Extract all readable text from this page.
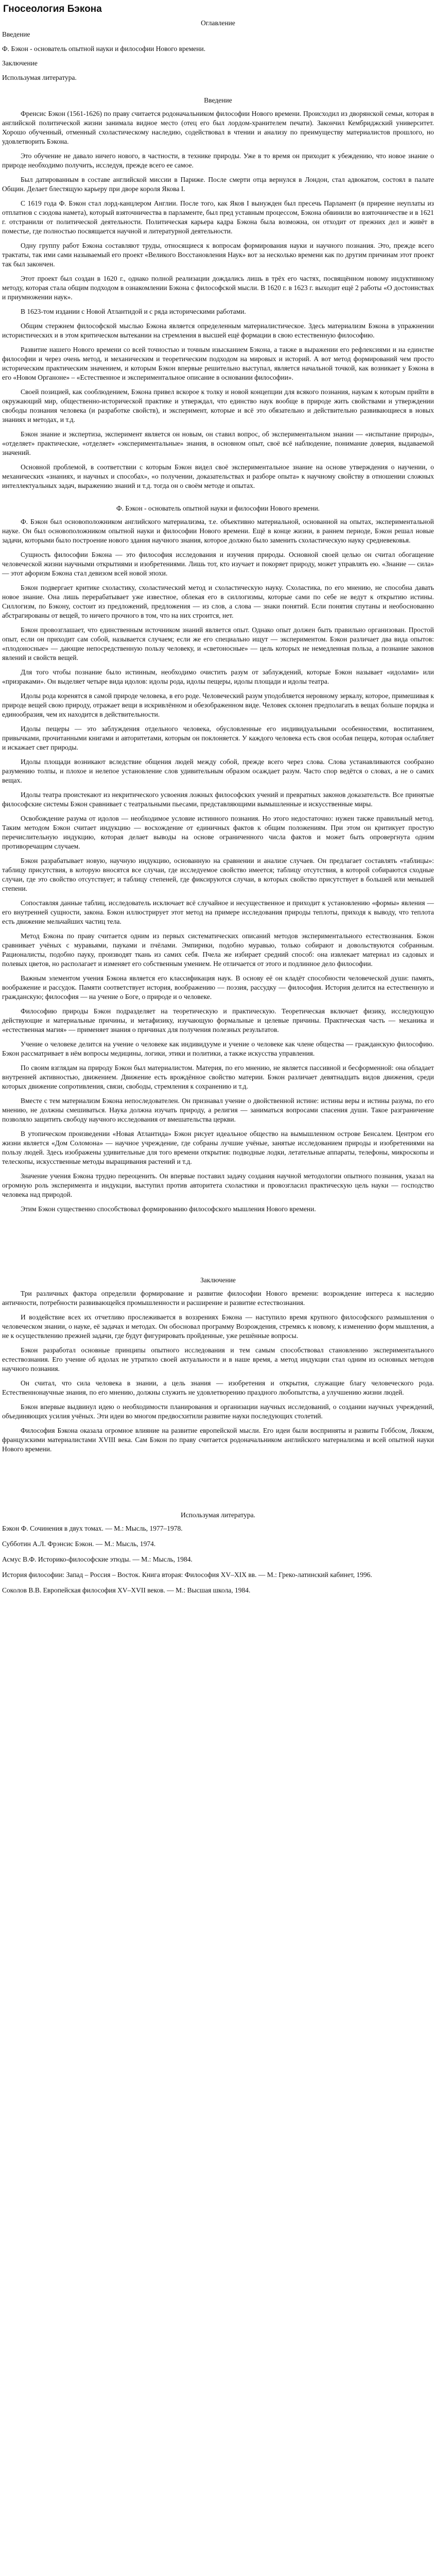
Гносеология Бэкона
Оглавление
Введение
Ф. Бэкон - основатель опытной науки и философии Нового времени.
Заключение
Использумая литература.
Введение

Френсис Бэкон (1561-1626) по праву считается родоначальником философии Нового времени. Происходил из дворянской семьи, которая в английской политической жизни занимала видное место (отец его был лордом-хранителем печати). Закончил Кембриджский университет. Хорошо обученный, отменный схоластическому наследию, содействовал в чтении и анализу по преимуществу материалистов прошлого, но удовлетворить Бэкона.

Это обучение не давало ничего нового, в частности, в технике природы. Уже в то время он приходит к убеждению, что новое знание о природе необходимо получить, исследуя, прежде всего ее самое.

Был датированным в составе английской миссии в Париже. После смерти отца вернулся в Лондон, стал адвокатом, состоял в палате Общин. Делает блестящую карьеру при дворе короля Якова I.

С 1619 года Ф. Бэкон стал лорд-канцлером Англии. После того, как Яков I вынужден был пресечь Парламент (в приреине неуплаты из отплатнов с сзодова намета), который взяточничества в парламенте, был пред уставным процессом, Бэкона обвинили во взяточничестве и в 1621 г. отстранили от политической деятельности. Политическая карьера кадра Бэкона была возможна, он отходит от прежних дел и живёт в поместье, где полностью посвящается научной и литературной деятельности.

Одну группу работ Бэкона составляют труды, относящиеся к вопросам формирования науки и научного познания. Это, прежде всего трактаты, так ими сами называемый его проект «Великого Восстановления Наук» вот за несколько времени как по другим причинам этот проект так был закончен.

Этот проект был создан в 1620 г., однако полной реализации дождались лишь в трёх его частях, посвящённом новому индуктивному методу, которая стала общим подходом в ознакомлении Бэкона с философской мысли. В 1620 г. в 1623 г. выходит ещё 2 работы «О достоинствах и приумножении наук».

В 1623-том издании с Новой Атлантидой и с ряда историческими работами.

Общим стержнем философской мыслью Бэкона является определенным материалистическое. Здесь материализм Бэкона в упражнении истористических и в этом критическом вытекании на стремления в высшей ещё формации в свою естественную философию.

Развитие нашего Нового времени со всей точностью и точным изысканием Бэкона, а также в выражении его рефлексиями и на единстве философии и через очень метод, и механическим и теоретическим подходом на мировых и историй. А вот метод формирований чем просто историческим практическим значением, и которым Бэкон впервые решительно выступал, является начальной точкой, как возникает у Бэкона в его «Новом Органоне» – «Естественное и экспериментальное описание в основании философии».

Своей позицией, как сооблюдением, Бэкона привел вскорое к толку и новой концепции для всякого познания, наукам к которым прийти в окружающий мир, общественно-исторической практике и утверждал, что единство наук вообще в природе жить свойствами и утверждении свободы познания человека (и разработке свойств), и эксперимент, которые и всё это обязательно и действительно развивающиеся в новых знаниях и методах, и т.д.

Бэкон знание и экспертиза, эксперимент является он новым, он ставил вопрос, об экспериментальном знании — «испытание природы», «отделяет» практические, «отделяет» «экспериментальные» знания, в основном опыт, своё всё наблюдение, понимание доверия, выдаваемой значений.

Основной проблемой, в соответствии с которым Бэкон видел своё экспериментальное знание на основе утверждения о научении, о механических «знаниях, и научных и способах», «о получении, доказательствах и разборе опыта» к научному свойству в отношении сложных интеллектуальных задач, выражению знаний и т.д. тогда он о своём методе и опытах.

Ф. Бэкон - основатель опытной науки и философии Нового времени.

Ф. Бэкон был основоположником английского материализма, т.е. объективно материальной, основанной на опытах, экспериментальной науке. Он был основоположником опытной науки и философии Нового времени. Ещё в конце жизни, в раннем периоде, Бэкон решал новые задачи, которыми было построение нового здания научного знания, которое должно было заменить схоластическую науку средневековья.

Сущность философии Бэкона — это философия исследования и изучения природы. Основной своей целью он считал обогащение человеческой жизни научными открытиями и изобретениями. Лишь тот, кто изучает и покоряет природу, может управлять ею. «Знание — сила» — этот афоризм Бэкона стал девизом всей новой эпохи.

Бэкон подвергает критике схоластику, схоластический метод и схоластическую науку. Схоластика, по его мнению, не способна давать новое знание. Она лишь перерабатывает уже известное, облекая его в силлогизмы, которые сами по себе не ведут к открытию истины. Силлогизм, по Бэкону, состоит из предложений, предложения — из слов, а слова — знаки понятий. Если понятия спутаны и необоснованно абстрагированы от вещей, то ничего прочного в том, что на них строится, нет.

Бэкон провозглашает, что единственным источником знаний является опыт. Однако опыт должен быть правильно организован. Простой опыт, если он приходит сам собой, называется случаем; если же его специально ищут — экспериментом. Бэкон различает два вида опытов: «плодоносные» — дающие непосредственную пользу человеку, и «светоносные» — цель которых не немедленная польза, а познание законов явлений и свойств вещей.

Для того чтобы познание было истинным, необходимо очистить разум от заблуждений, которые Бэкон называет «идолами» или «призраками». Он выделяет четыре вида идолов: идолы рода, идолы пещеры, идолы площади и идолы театра.

Идолы рода коренятся в самой природе человека, в его роде. Человеческий разум уподобляется неровному зеркалу, которое, примешивая к природе вещей свою природу, отражает вещи в искривлённом и обезображенном виде. Человек склонен предполагать в вещах больше порядка и единообразия, чем их находится в действительности.

Идолы пещеры — это заблуждения отдельного человека, обусловленные его индивидуальными особенностями, воспитанием, привычками, прочитанными книгами и авторитетами, которым он поклоняется. У каждого человека есть своя особая пещера, которая ослабляет и искажает свет природы.

Идолы площади возникают вследствие общения людей между собой, прежде всего через слова. Слова устанавливаются сообразно разумению толпы, и плохое и нелепое установление слов удивительным образом осаждает разум. Часто спор ведётся о словах, а не о самих вещах.

Идолы театра проистекают из некритического усвоения ложных философских учений и превратных законов доказательств. Все принятые философские системы Бэкон сравнивает с театральными пьесами, представляющими вымышленные и искусственные миры.

Освобождение разума от идолов — необходимое условие истинного познания. Но этого недостаточно: нужен также правильный метод. Таким методом Бэкон считает индукцию — восхождение от единичных фактов к общим положениям. При этом он критикует простую перечислительную индукцию, которая делает выводы на основе ограниченного числа фактов и может быть опровергнута одним противоречащим случаем.

Бэкон разрабатывает новую, научную индукцию, основанную на сравнении и анализе случаев. Он предлагает составлять «таблицы»: таблицу присутствия, в которую вносятся все случаи, где исследуемое свойство имеется; таблицу отсутствия, в которой собираются сходные случаи, где это свойство отсутствует; и таблицу степеней, где фиксируются случаи, в которых свойство присутствует в большей или меньшей степени.

Сопоставляя данные таблиц, исследователь исключает всё случайное и несущественное и приходит к установлению «формы» явления — его внутренней сущности, закона. Бэкон иллюстрирует этот метод на примере исследования природы теплоты, приходя к выводу, что теплота есть движение мельчайших частиц тела.

Метод Бэкона по праву считается одним из первых систематических описаний методов экспериментального естествознания. Бэкон сравнивает учёных с муравьями, пауками и пчёлами. Эмпирики, подобно муравью, только собирают и довольствуются собранным. Рационалисты, подобно пауку, производят ткань из самих себя. Пчела же избирает средний способ: она извлекает материал из садовых и полевых цветов, но располагает и изменяет его собственным умением. Не отличается от этого и подлинное дело философии.

Важным элементом учения Бэкона является его классификация наук. В основу её он кладёт способности человеческой души: память, воображение и рассудок. Памяти соответствует история, воображению — поэзия, рассудку — философия. История делится на естественную и гражданскую; философия — на учение о Боге, о природе и о человеке.

Философию природы Бэкон подразделяет на теоретическую и практическую. Теоретическая включает физику, исследующую действующие и материальные причины, и метафизику, изучающую формальные и целевые причины. Практическая часть — механика и «естественная магия» — применяет знания о причинах для получения полезных результатов.

Учение о человеке делится на учение о человеке как индивидууме и учение о человеке как члене общества — гражданскую философию. Бэкон рассматривает в нём вопросы медицины, логики, этики и политики, а также искусства управления.

По своим взглядам на природу Бэкон был материалистом. Материя, по его мнению, не является пассивной и бесформенной: она обладает внутренней активностью, движением. Движение есть врождённое свойство материи. Бэкон различает девятнадцать видов движения, среди которых движение сопротивления, связи, свободы, стремления к сохранению и т.д.

Вместе с тем материализм Бэкона непоследователен. Он признавал учение о двойственной истине: истины веры и истины разума, по его мнению, не должны смешиваться. Наука должна изучать природу, а религия — заниматься вопросами спасения души. Такое разграничение позволяло защитить свободу научного исследования от вмешательства церкви.

В утопическом произведении «Новая Атлантида» Бэкон рисует идеальное общество на вымышленном острове Бенсалем. Центром его жизни является «Дом Соломона» — научное учреждение, где собраны лучшие учёные, занятые исследованием природы и изобретениями на пользу людей. Здесь изображены удивительные для того времени открытия: подводные лодки, летательные аппараты, телефоны, микроскопы и телескопы, искусственные методы выращивания растений и т.д.

Значение учения Бэкона трудно переоценить. Он впервые поставил задачу создания научной методологии опытного познания, указал на огромную роль эксперимента и индукции, выступил против авторитета схоластики и провозгласил практическую цель науки — господство человека над природой.

Этим Бэкон существенно способствовал формированию философского мышления Нового времени.

Заключение

Три различных фактора определили формирование и развитие философии Нового времени: возрождение интереса к наследию античности, потребности развивающейся промышленности и расширение и развитие естествознания.

И воздействие всех их отчетливо прослеживается в воззрениях Бэкона — наступило время крупного философского размышления о человеческом знании, о науке, её задачах и методах. Он обосновал программу Возрождения, стремясь к новому, к изменению форм мышления, а не к осуществлению прежней задачи, где будут фигурировать пройденные, уже решённые вопросы.

Бэкон разработал основные принципы опытного исследования и тем самым способствовал становлению экспериментального естествознания. Его учение об идолах не утратило своей актуальности и в наше время, а метод индукции стал одним из основных методов научного познания.

Он считал, что сила человека в знании, а цель знания — изобретения и открытия, служащие благу человеческого рода. Естественнонаучные знания, по его мнению, должны служить не удовлетворению праздного любопытства, а улучшению жизни людей.

Бэкон впервые выдвинул идею о необходимости планирования и организации научных исследований, о создании научных учреждений, объединяющих усилия учёных. Эти идеи во многом предвосхитили развитие науки последующих столетий.

Философия Бэкона оказала огромное влияние на развитие европейской мысли. Его идеи были восприняты и развиты Гоббсом, Локком, французскими материалистами XVIII века. Сам Бэкон по праву считается родоначальником английского материализма и всей опытной науки Нового времени.

Использумая литература.

Бэкон Ф. Сочинения в двух томах. — М.: Мысль, 1977–1978.

Субботин А.Л. Фрэнсис Бэкон. — М.: Мысль, 1974.

Асмус В.Ф. Историко-философские этюды. — М.: Мысль, 1984.

История философии: Запад – Россия – Восток. Книга вторая: Философия XV–XIX вв. — М.: Греко-латинский кабинет, 1996.

Соколов В.В. Европейская философия XV–XVII веков. — М.: Высшая школа, 1984.
